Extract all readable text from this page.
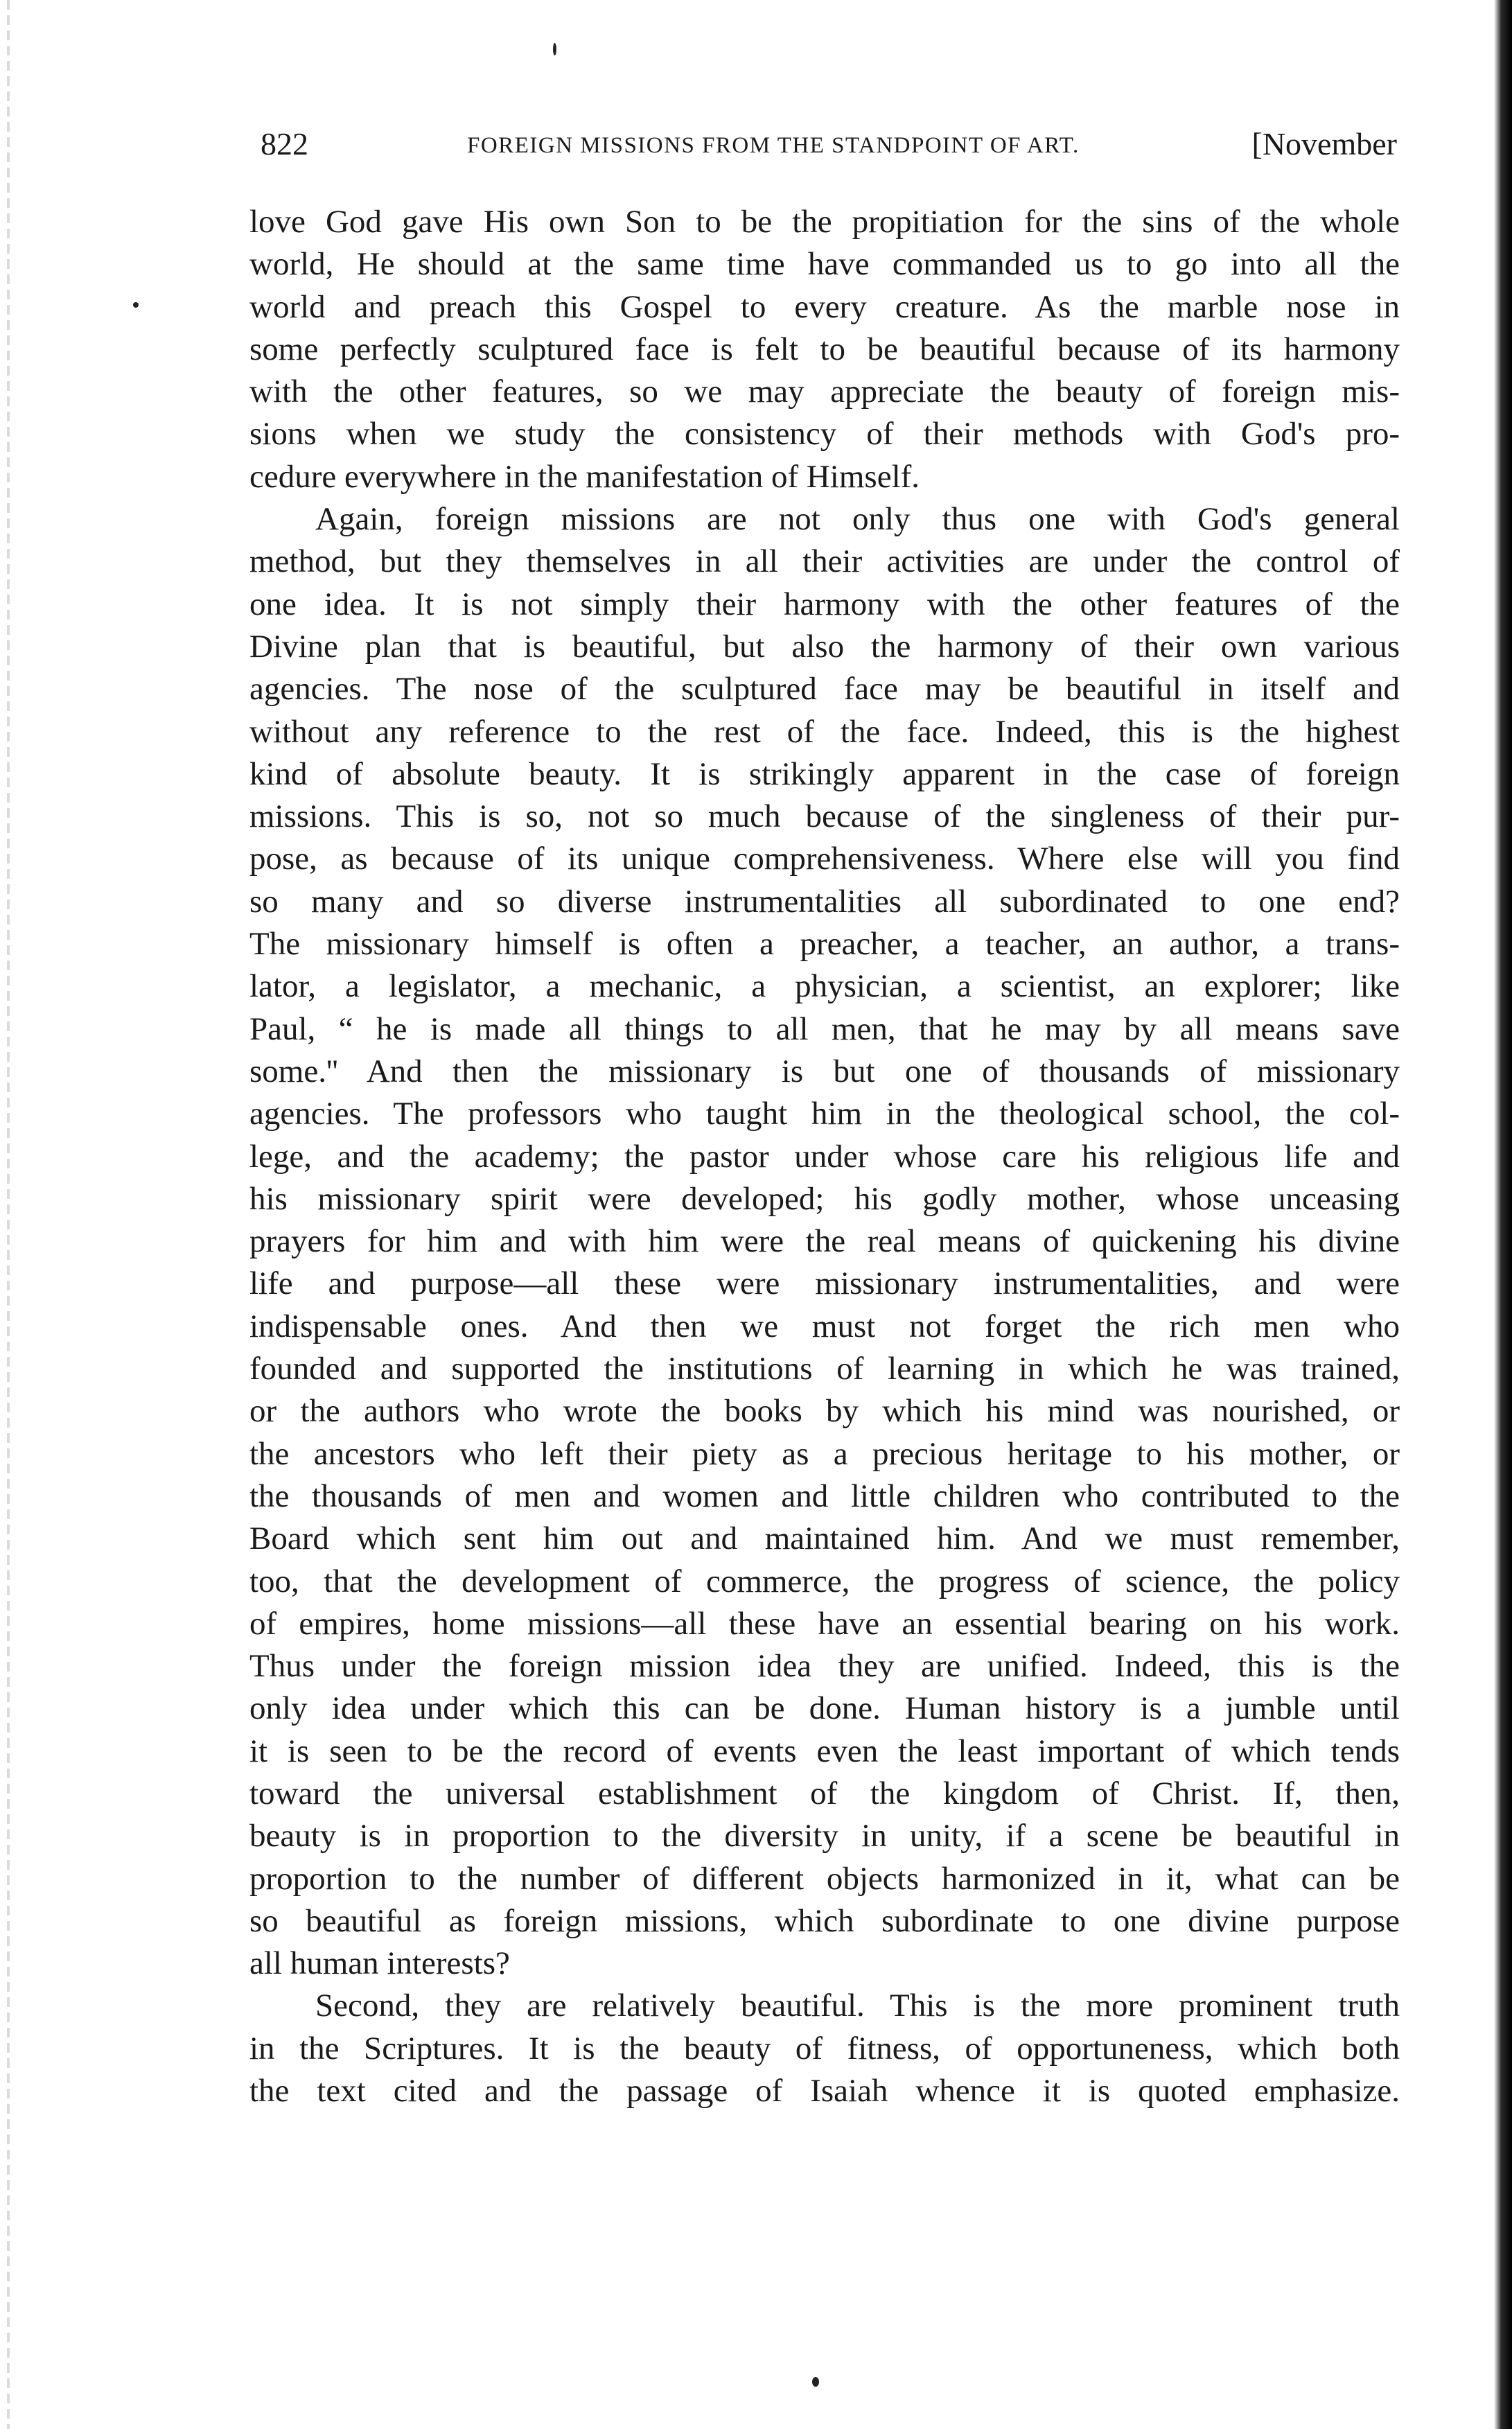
822	FOREIGN MISSIONS FROM THE STANDPOINT OF ART.	[November
love God gave His own Son to be the propitiation for the sins of the whole
world, He should at the same time have commanded us to go into all the
world and preach this Gospel to every creature. As the marble nose in
some perfectly sculptured face is felt to be beautiful because of its harmony
with the other features, so we may appreciate the beauty of foreign mis-
sions when we study the consistency of their methods with God's pro-
cedure everywhere in the manifestation of Himself.
Again, foreign missions are not only thus one with God's general
method, but they themselves in all their activities are under the control of
one idea. It is not simply their harmony with the other features of the
Divine plan that is beautiful, but also the harmony of their own various
agencies. The nose of the sculptured face may be beautiful in itself and
without any reference to the rest of the face. Indeed, this is the highest
kind of absolute beauty. It is strikingly apparent in the case of foreign
missions. This is so, not so much because of the singleness of their pur-
pose, as because of its unique comprehensiveness. Where else will you find
so many and so diverse instrumentalities all subordinated to one end?
The missionary himself is often a preacher, a teacher, an author, a trans-
lator, a legislator, a mechanic, a physician, a scientist, an explorer; like
Paul, “ he is made all things to all men, that he may by all means save
some.'' And then the missionary is but one of thousands of missionary
agencies. The professors who taught him in the theological school, the col-
lege, and the academy; the pastor under whose care his religious life and
his missionary spirit were developed; his godly mother, whose unceasing
prayers for him and with him were the real means of quickening his divine
life and purpose—all these were missionary instrumentalities, and were
indispensable ones. And then we must not forget the rich men who
founded and supported the institutions of learning in which he was trained,
or the authors who wrote the books by which his mind was nourished, or
the ancestors who left their piety as a precious heritage to his mother, or
the thousands of men and women and little children who contributed to the
Board which sent him out and maintained him. And we must remember,
too, that the development of commerce, the progress of science, the policy
of empires, home missions—all these have an essential bearing on his work.
Thus under the foreign mission idea they are unified. Indeed, this is the
only idea under which this can be done. Human history is a jumble until
it is seen to be the record of events even the least important of which tends
toward the universal establishment of the kingdom of Christ. If, then,
beauty is in proportion to the diversity in unity, if a scene be beautiful in
proportion to the number of different objects harmonized in it, what can be
so beautiful as foreign missions, which subordinate to one divine purpose
all human interests?
Second, they are relatively beautiful. This is the more prominent truth
in the Scriptures. It is the beauty of fitness, of opportuneness, which both
the text cited and the passage of Isaiah whence it is quoted emphasize.
